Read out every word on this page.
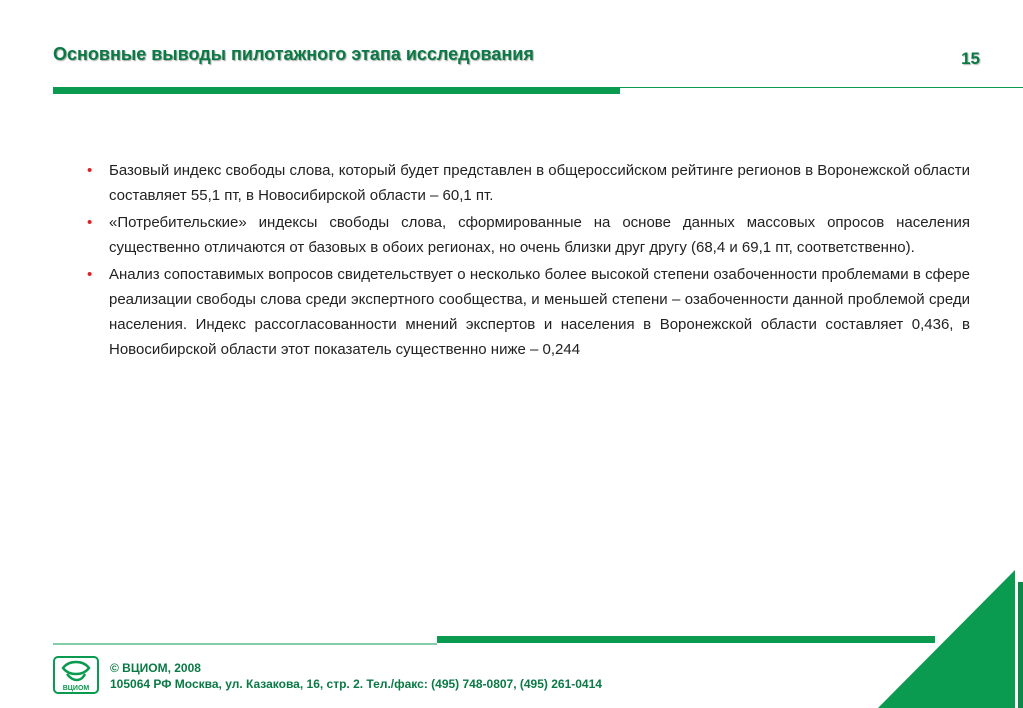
Основные выводы пилотажного этапа исследования	15
• Базовый индекс свободы слова, который будет представлен в общероссийском рейтинге регионов в Воронежской области составляет 55,1 пт, в Новосибирской области – 60,1 пт.
• «Потребительские» индексы свободы слова, сформированные на основе данных массовых опросов населения существенно отличаются от базовых в обоих регионах, но очень близки друг другу (68,4 и 69,1 пт, соответственно).
• Анализ сопоставимых вопросов свидетельствует о несколько более высокой степени озабоченности проблемами в сфере реализации свободы слова среди экспертного сообщества, и меньшей степени – озабоченности данной проблемой среди населения. Индекс рассогласованности мнений экспертов и населения в Воронежской области составляет 0,436, в Новосибирской области этот показатель существенно ниже – 0,244
ВЦИОМ
© ВЦИОМ, 2008
105064 РФ Москва, ул. Казакова, 16, стр. 2. Тел./факс: (495) 748-0807, (495) 261-0414
